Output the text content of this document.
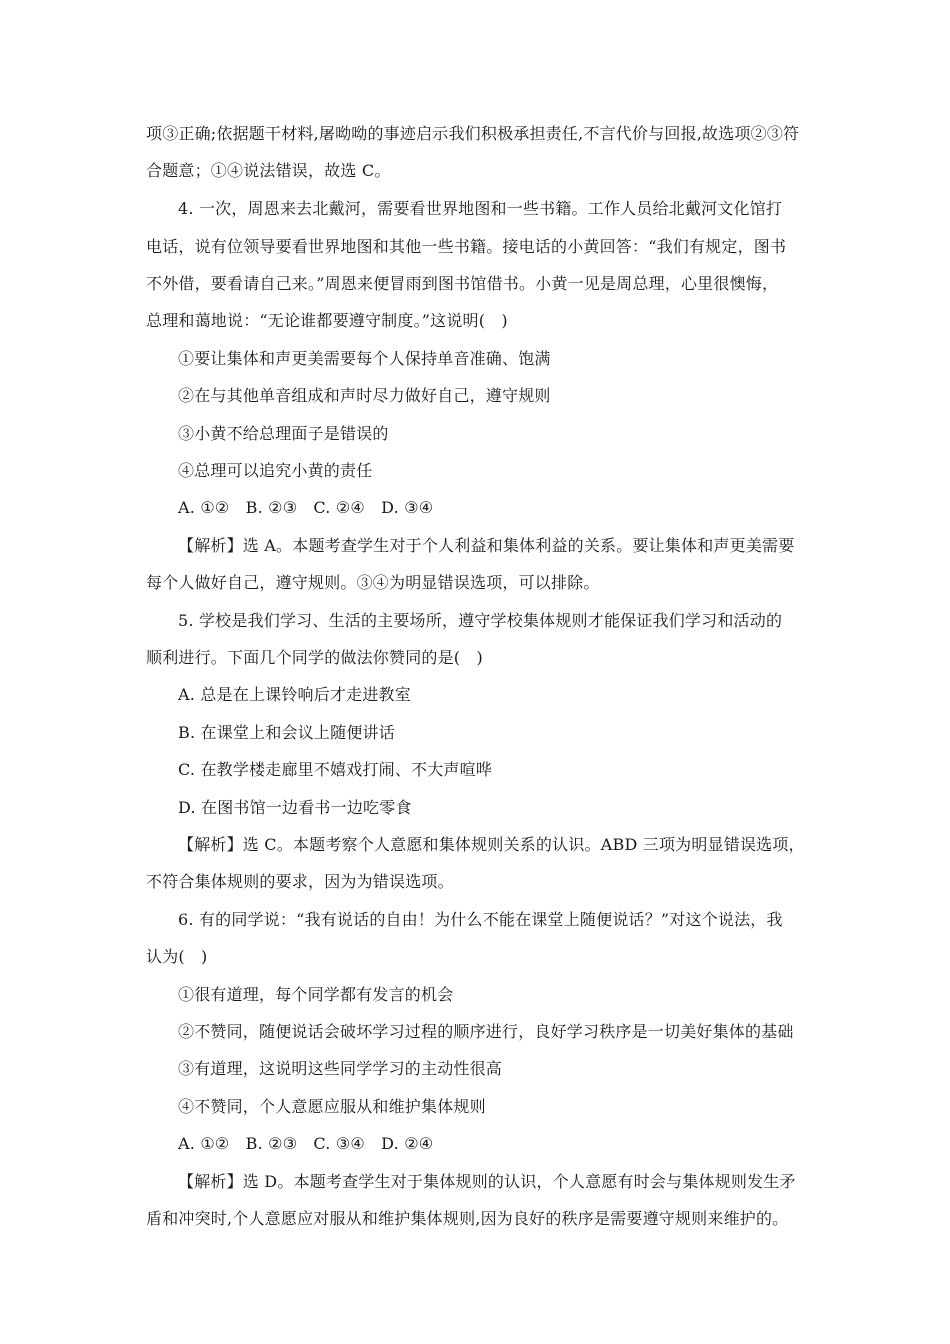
项③正确;依据题干材料,屠呦呦的事迹启示我们积极承担责任,不言代价与回报,故选项②③符
合题意；①④说法错误，故选 C。
4. 一次，周恩来去北戴河，需要看世界地图和一些书籍。工作人员给北戴河文化馆打
电话，说有位领导要看世界地图和其他一些书籍。接电话的小黄回答：“我们有规定，图书
不外借，要看请自己来。”周恩来便冒雨到图书馆借书。小黄一见是周总理，心里很懊悔，
总理和蔼地说：“无论谁都要遵守制度。”这说明(　)
①要让集体和声更美需要每个人保持单音准确、饱满
②在与其他单音组成和声时尽力做好自己，遵守规则
③小黄不给总理面子是错误的
④总理可以追究小黄的责任
A. ①②　B. ②③　C. ②④　D. ③④
【解析】选 A。本题考查学生对于个人利益和集体利益的关系。要让集体和声更美需要
每个人做好自己，遵守规则。③④为明显错误选项，可以排除。
5. 学校是我们学习、生活的主要场所，遵守学校集体规则才能保证我们学习和活动的
顺利进行。下面几个同学的做法你赞同的是(　)
A. 总是在上课铃响后才走进教室
B. 在课堂上和会议上随便讲话
C. 在教学楼走廊里不嬉戏打闹、不大声喧哗
D. 在图书馆一边看书一边吃零食
【解析】选 C。本题考察个人意愿和集体规则关系的认识。ABD 三项为明显错误选项，
不符合集体规则的要求，因为为错误选项。
6. 有的同学说：“我有说话的自由！为什么不能在课堂上随便说话？”对这个说法，我
认为(　)
①很有道理，每个同学都有发言的机会
②不赞同，随便说话会破坏学习过程的顺序进行，良好学习秩序是一切美好集体的基础
③有道理，这说明这些同学学习的主动性很高
④不赞同，个人意愿应服从和维护集体规则
A. ①②　B. ②③　C. ③④　D. ②④
【解析】选 D。本题考查学生对于集体规则的认识，个人意愿有时会与集体规则发生矛
盾和冲突时,个人意愿应对服从和维护集体规则,因为良好的秩序是需要遵守规则来维护的。
